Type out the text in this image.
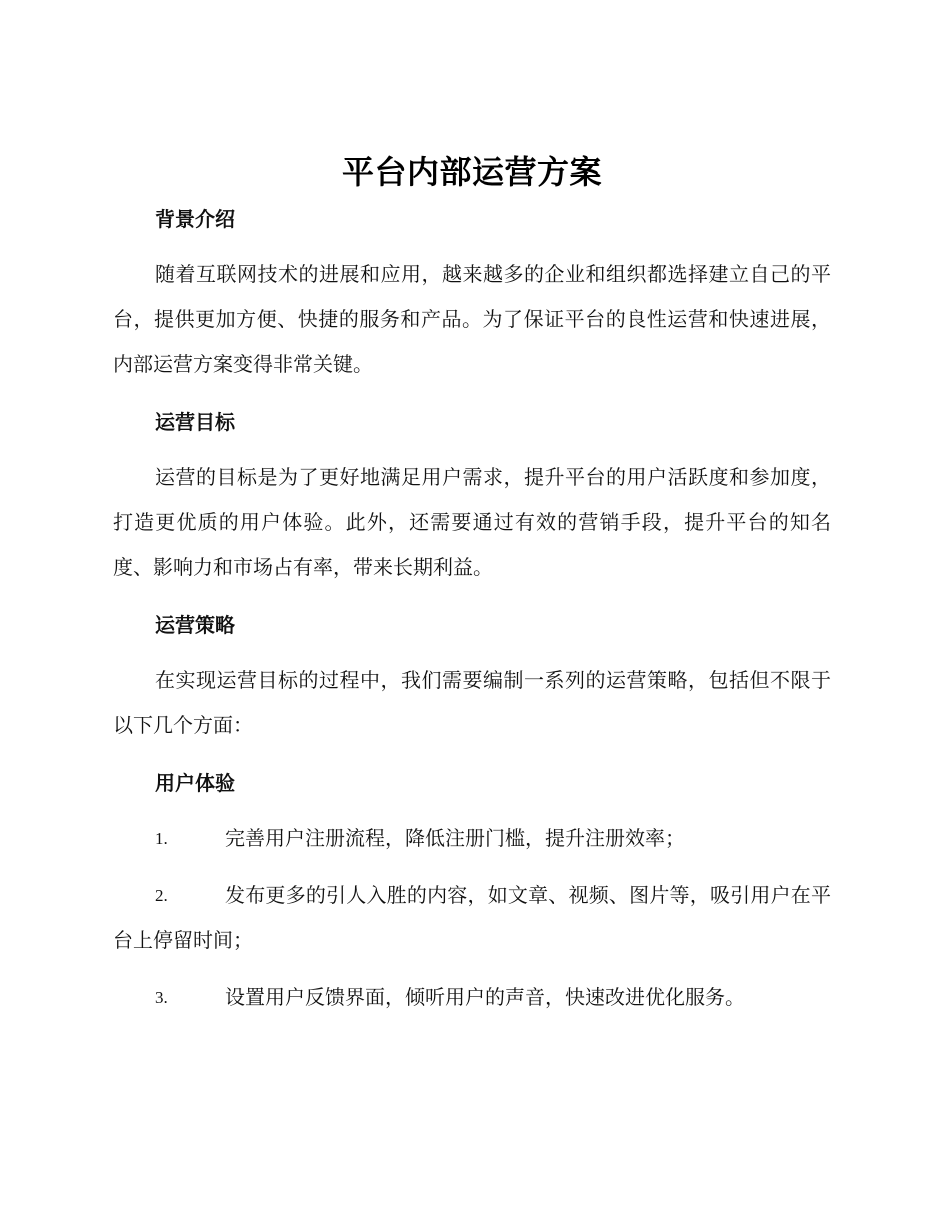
平台内部运营方案
背景介绍

随着互联网技术的进展和应用，越来越多的企业和组织都选择建立自己的平台，提供更加方便、快捷的服务和产品。为了保证平台的良性运营和快速进展，内部运营方案变得非常关键。

运营目标

运营的目标是为了更好地满足用户需求，提升平台的用户活跃度和参加度，打造更优质的用户体验。此外，还需要通过有效的营销手段，提升平台的知名度、影响力和市场占有率，带来长期利益。

运营策略

在实现运营目标的过程中，我们需要编制一系列的运营策略，包括但不限于以下几个方面：

用户体验
1.	完善用户注册流程，降低注册门槛，提升注册效率；
2.	发布更多的引人入胜的内容，如文章、视频、图片等，吸引用户在平台上停留时间；
3.	设置用户反馈界面，倾听用户的声音，快速改进优化服务。
